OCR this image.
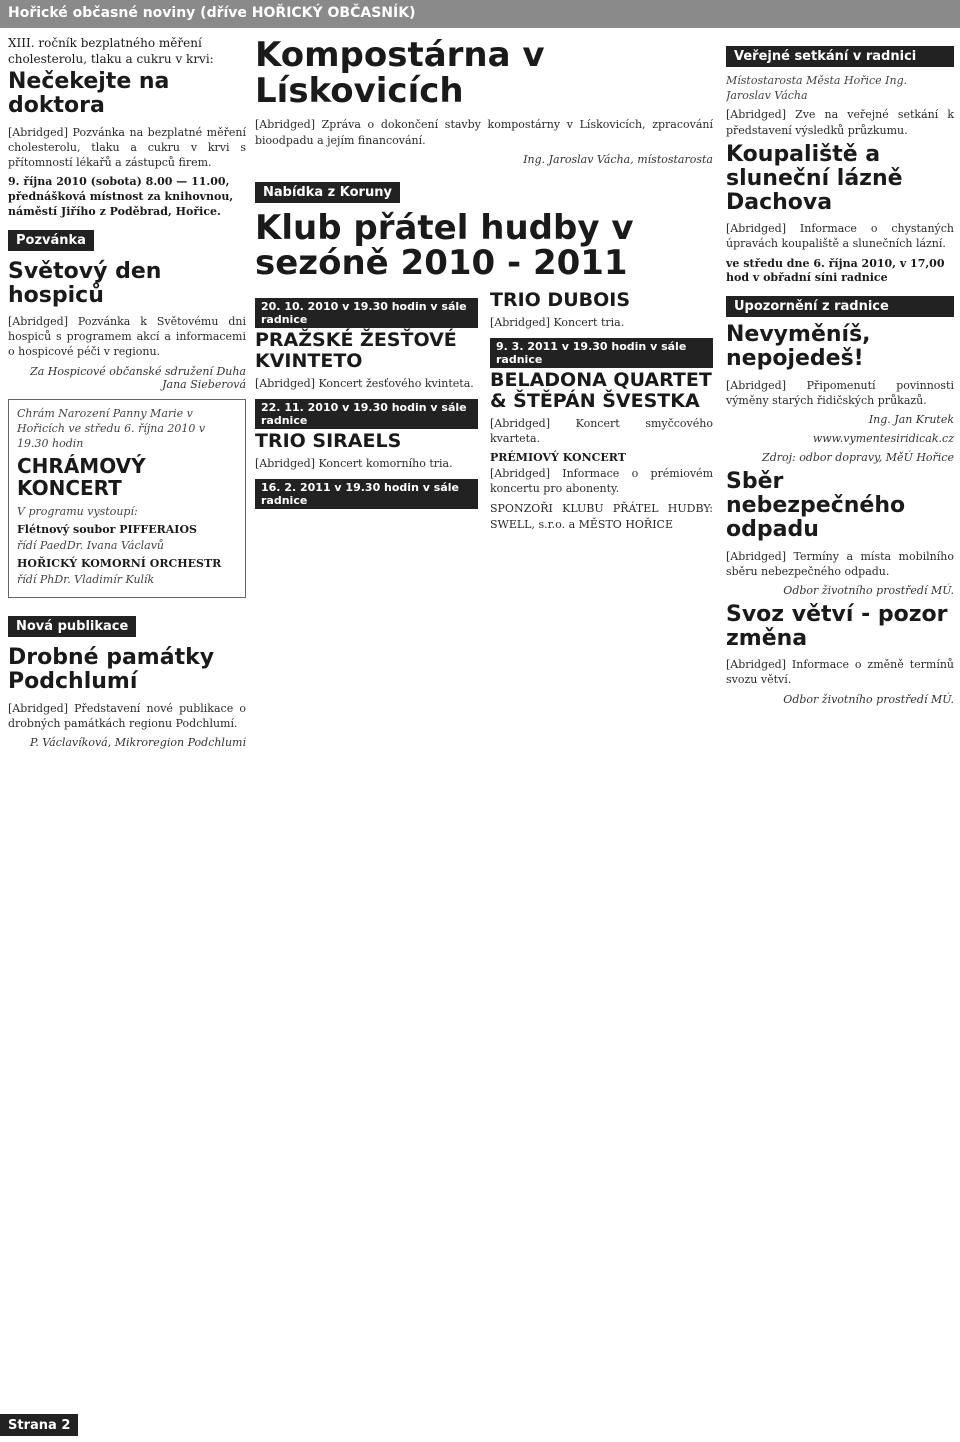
Hořické občasné noviny (dříve HOŘICKÝ OBČASNÍK)

XIII. ročník bezplatného měření cholesterolu, tlaku a cukru v krvi:

Nečekejte na doktora

[Abridged] Pozvánka na bezplatné měření cholesterolu, tlaku a cukru v krvi s přítomností lékařů a zástupců firem.

9. října 2010 (sobota) 8.00 — 11.00,

přednášková místnost za knihovnou, náměstí Jiřího z Poděbrad, Hořice.

Pozvánka
Světový den hospiců

[Abridged] Pozvánka k Světovému dni hospiců s programem akcí a informacemi o hospicové péči v regionu.

Za Hospicové občanské sdružení Duha Jana Sieberová

Chrám Narození Panny Marie v Hořicích ve středu 6. října 2010 v 19.30 hodin

CHRÁMOVÝ KONCERT

V programu vystoupí:

Flétnový soubor PIFFERAIOS

řídí PaedDr. Ivana Václavů

HOŘICKÝ KOMORNÍ ORCHESTR

řídí PhDr. Vladimír Kulík

Nová publikace
Drobné památky Podchlumí

[Abridged] Představení nové publikace o drobných památkách regionu Podchlumí.

P. Václavíková, Mikroregion Podchlumí

Kompostárna v Lískovicích

[Abridged] Zpráva o dokončení stavby kompostárny v Lískovicích, zpracování bioodpadu a jejím financování.

Ing. Jaroslav Vácha, místostarosta

Nabídka z Koruny
Klub přátel hudby v sezóně 2010 - 2011
20. 10. 2010 v 19.30 hodin v sále radnice
PRAŽSKÉ ŽESŤOVÉ KVINTETO

[Abridged] Koncert žesťového kvinteta.

22. 11. 2010 v 19.30 hodin v sále radnice
TRIO SIRAELS

[Abridged] Koncert komorního tria.

16. 2. 2011 v 19.30 hodin v sále radnice
TRIO DUBOIS

[Abridged] Koncert tria.

9. 3. 2011 v 19.30 hodin v sále radnice
BELADONA QUARTET & ŠTĚPÁN ŠVESTKA

[Abridged] Koncert smyčcového kvarteta.

PRÉMIOVÝ KONCERT

[Abridged] Informace o prémiovém koncertu pro abonenty.

SPONZOŘI KLUBU PŘÁTEL HUDBY: SWELL, s.r.o. a MĚSTO HOŘICE

Veřejné setkání v radnici

Místostarosta Města Hořice Ing. Jaroslav Vácha

[Abridged] Zve na veřejné setkání k představení výsledků průzkumu.

Koupaliště a sluneční lázně Dachova

[Abridged] Informace o chystaných úpravách koupaliště a slunečních lázní.

ve středu dne 6. října 2010, v 17,00 hod v obřadní síni radnice

Upozornění z radnice
Nevyměníš, nepojedeš!

[Abridged] Připomenutí povinnosti výměny starých řidičských průkazů.

Ing. Jan Krutek

www.vymentesiridicak.cz

Zdroj: odbor dopravy, MěÚ Hořice

Sběr nebezpečného odpadu

[Abridged] Termíny a místa mobilního sběru nebezpečného odpadu.

Odbor životního prostředí MÚ.

Svoz větví - pozor změna

[Abridged] Informace o změně termínů svozu větví.

Odbor životního prostředí MÚ.

Strana 2
